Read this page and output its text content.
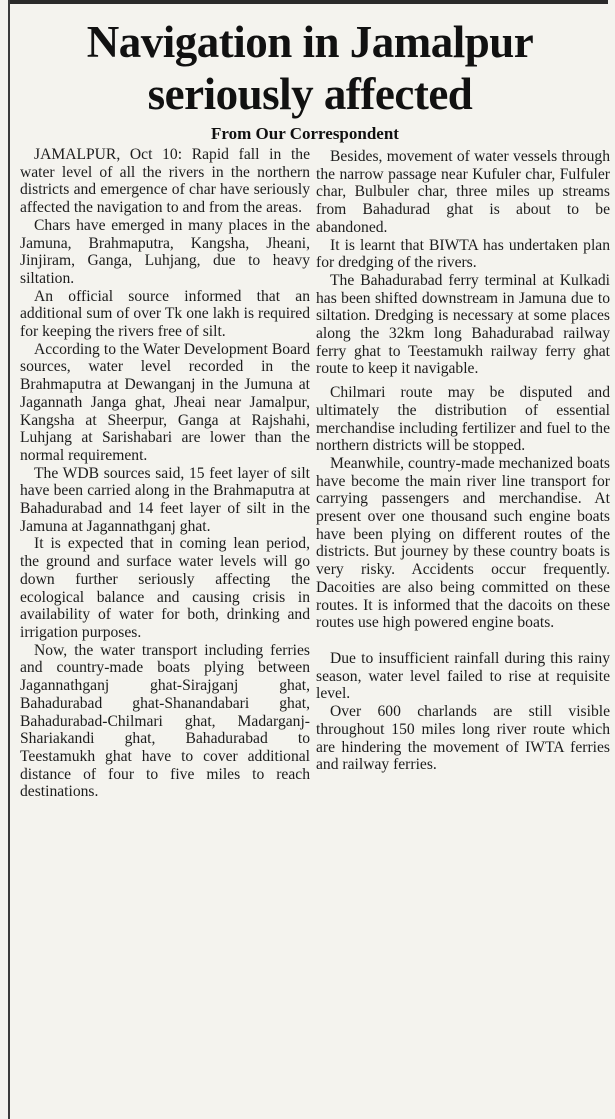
Navigation in Jamalpur seriously affected
From Our Correspondent

JAMALPUR, Oct 10: Rapid fall in the water level of all the rivers in the northern districts and emergence of char have seriously affected the navigation to and from the areas.

Chars have emerged in many places in the Jamuna, Brahmaputra, Kangsha, Jheani, Jinjiram, Ganga, Luhjang, due to heavy siltation.

An official source informed that an additional sum of over Tk one lakh is required for keeping the rivers free of silt.

According to the Water Development Board sources, water level recorded in the Brahmaputra at Dewanganj in the Jumuna at Jagannath Janga ghat, Jheai near Jamalpur, Kangsha at Sheerpur, Ganga at Rajshahi, Luhjang at Sarishabari are lower than the normal requirement.

The WDB sources said, 15 feet layer of silt have been carried along in the Brahmaputra at Bahadurabad and 14 feet layer of silt in the Jamuna at Jagannathganj ghat.

It is expected that in coming lean period, the ground and surface water levels will go down further seriously affecting the ecological balance and causing crisis in availability of water for both, drinking and irrigation purposes.

Now, the water transport including ferries and country-made boats plying between Jagannathganj ghat-Sirajganj ghat, Bahadurabad ghat-Shanandabari ghat, Bahadurabad-Chilmari ghat, Madarganj-Shariakandi ghat, Bahadurabad to Teestamukh ghat have to cover additional distance of four to five miles to reach destinations.

Besides, movement of water vessels through the narrow passage near Kufuler char, Fulfuler char, Bulbuler char, three miles up streams from Bahadurad ghat is about to be abandoned.

It is learnt that BIWTA has undertaken plan for dredging of the rivers.

The Bahadurabad ferry terminal at Kulkadi has been shifted downstream in Jamuna due to siltation. Dredging is necessary at some places along the 32km long Bahadurabad railway ferry ghat to Teestamukh railway ferry ghat route to keep it navigable.

Chilmari route may be disputed and ultimately the distribution of essential merchandise including fertilizer and fuel to the northern districts will be stopped.

Meanwhile, country-made mechanized boats have become the main river line transport for carrying passengers and merchandise. At present over one thousand such engine boats have been plying on different routes of the districts. But journey by these country boats is very risky. Accidents occur frequently. Dacoities are also being committed on these routes. It is informed that the dacoits on these routes use high powered engine boats.

Due to insufficient rainfall during this rainy season, water level failed to rise at requisite level.

Over 600 charlands are still visible throughout 150 miles long river route which are hindering the movement of IWTA ferries and railway ferries.
